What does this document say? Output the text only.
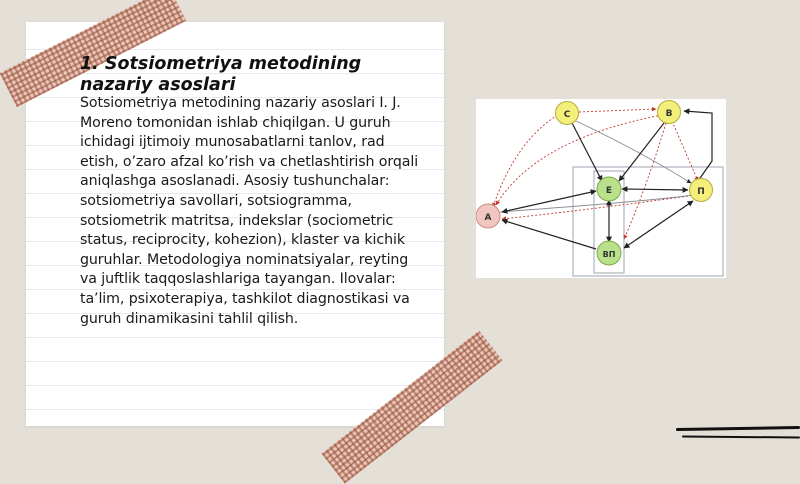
1. Sotsiometriya metodining nazariy asoslari
Sotsiometriya metodining nazariy asoslari I. J. Moreno tomonidan ishlab chiqilgan. U guruh ichidagi ijtimoiy munosabatlarni tanlov, rad etish, o’zaro afzal ko’rish va chetlashtirish orqali aniqlashga asoslanadi. Asosiy tushunchalar: sotsiometriya savollari, sotsiogramma, sotsiometrik matritsa, indekslar (sociometric status, reciprocity, kohezion), klaster va kichik guruhlar. Metodologiya nominatsiyalar, reyting va juftlik taqqoslashlariga tayangan. Ilovalar: ta’lim, psixoterapiya, tashkilot diagnostikasi va guruh dinamikasini tahlil qilish.
C	B
E	П
A
ВП
